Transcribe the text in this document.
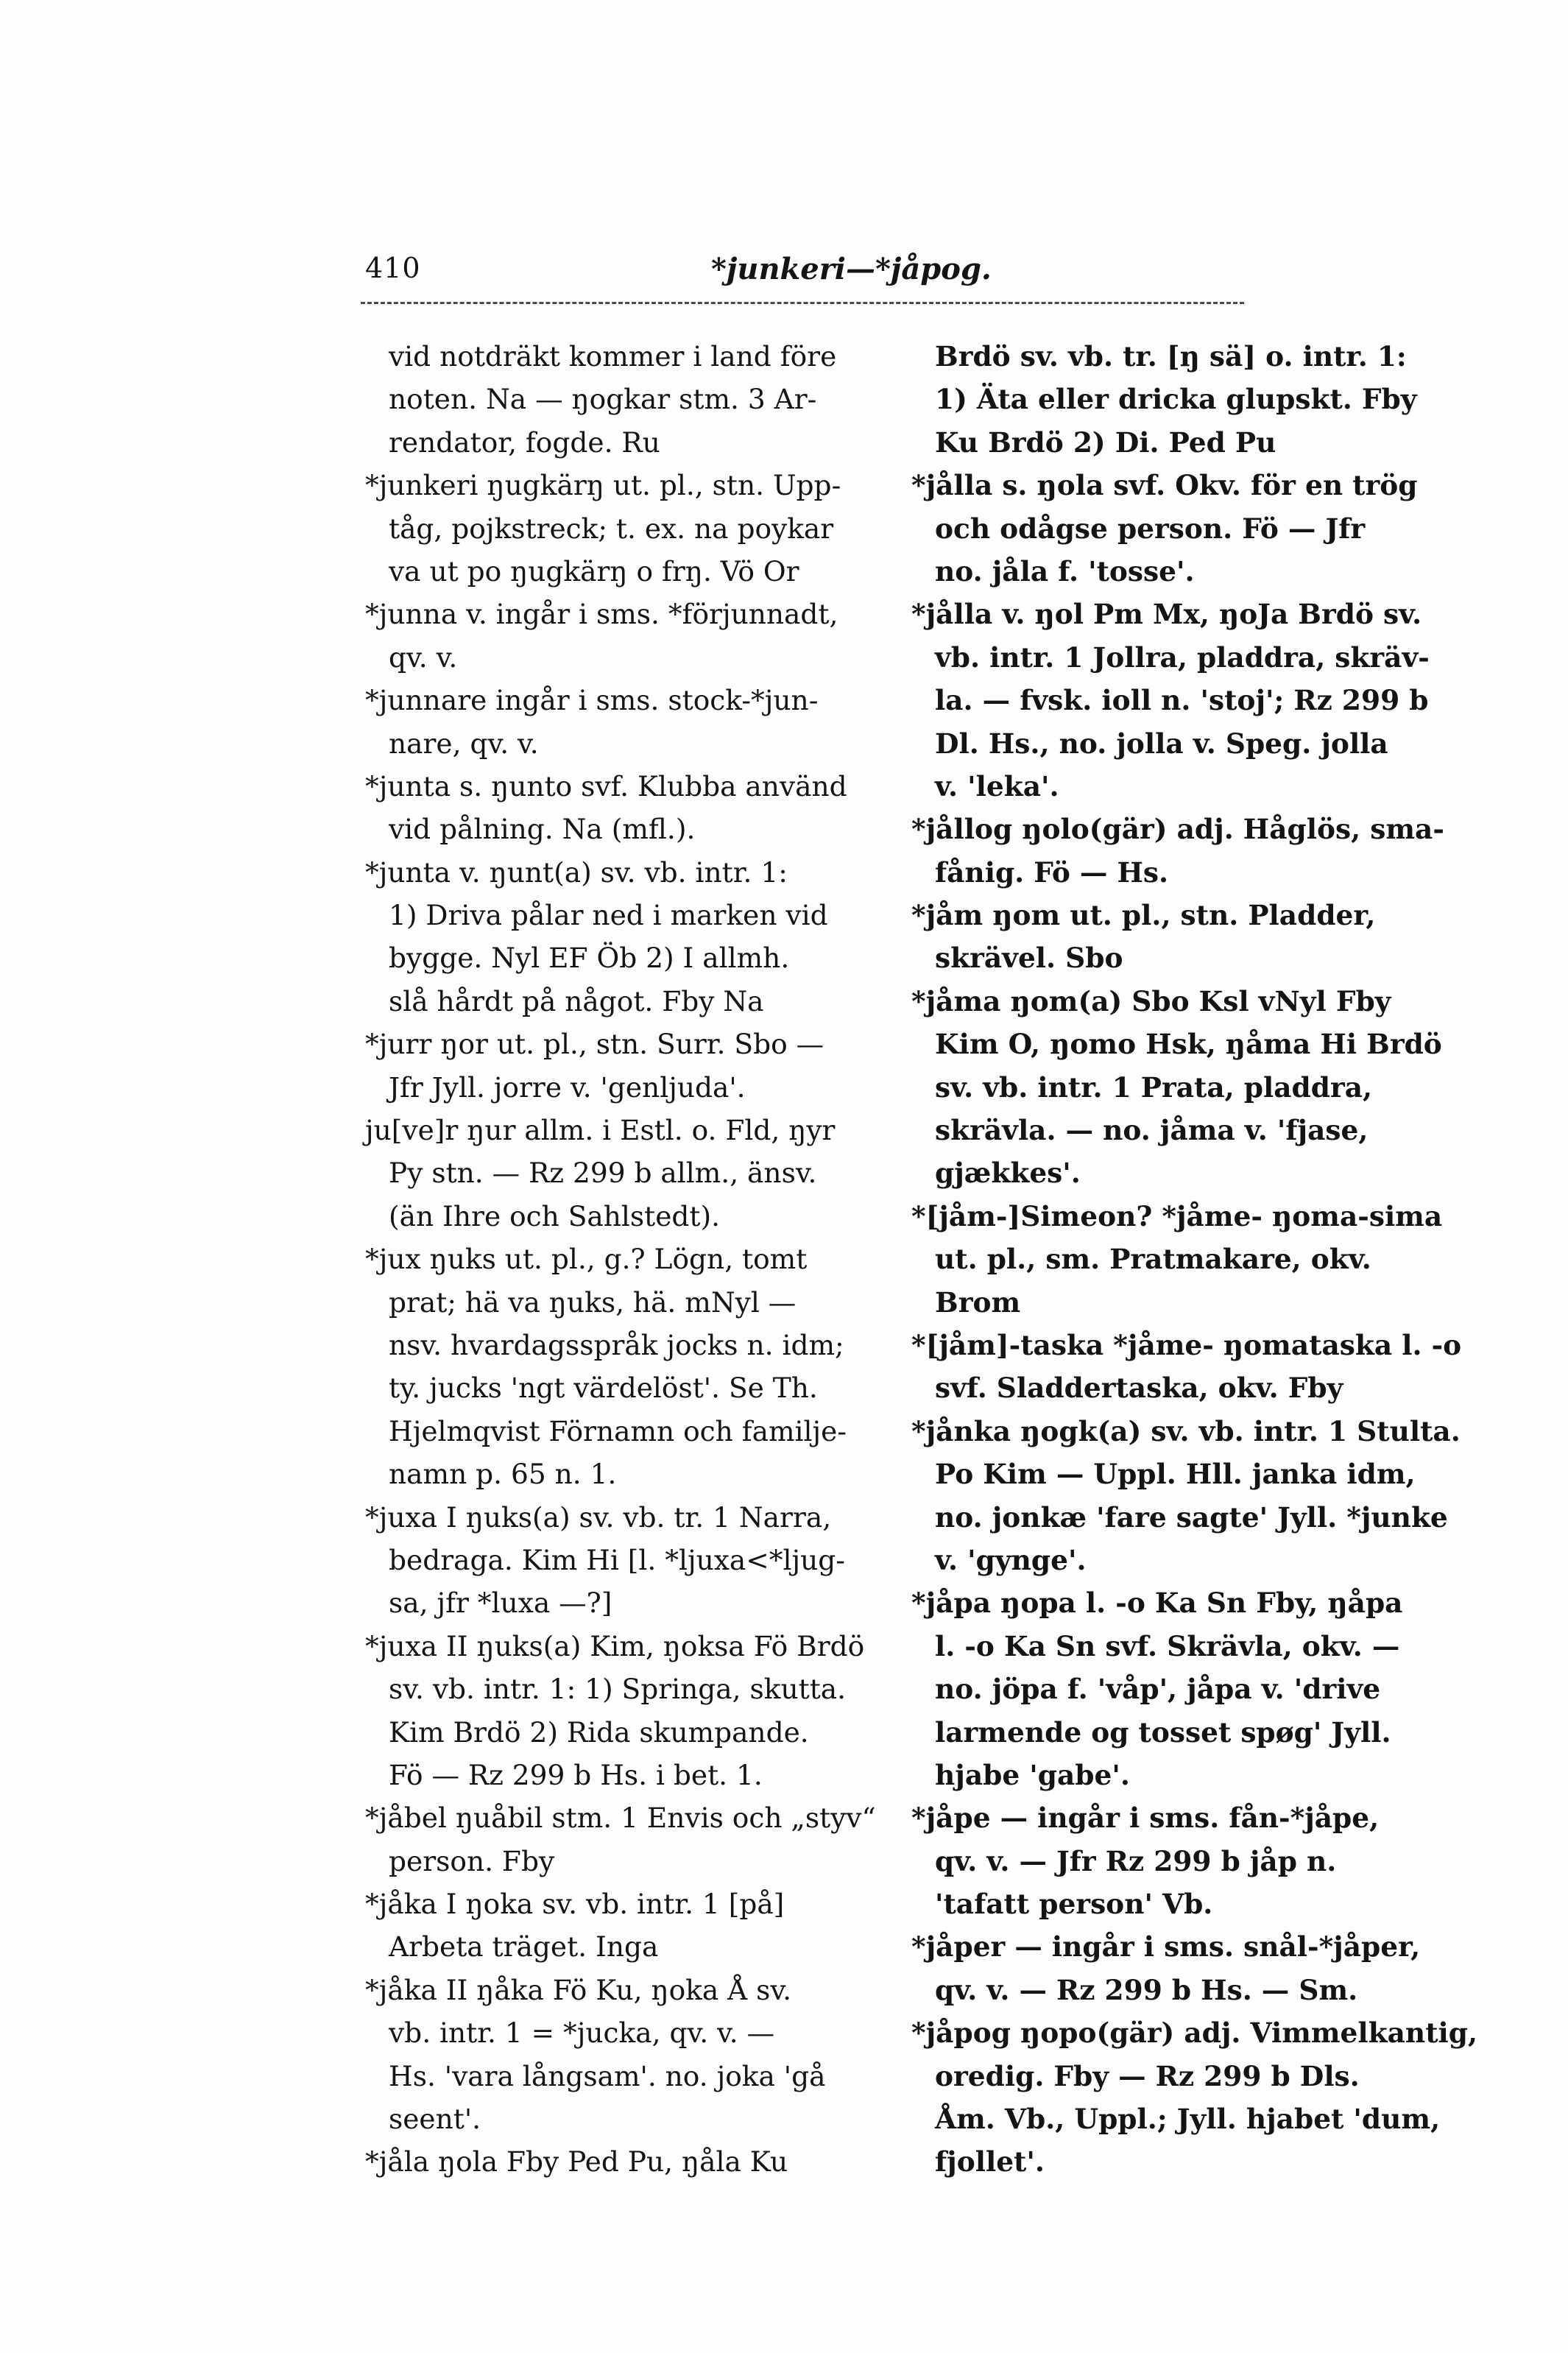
410	*junkeri—*jåpog.
vid notdräkt kommer i land före
noten. Na — ŋogkar stm. 3 Ar-
rendator, fogde. Ru
*junkeri ŋugkärŋ ut. pl., stn. Upp-
tåg, pojkstreck; t. ex. na poykar
va ut po ŋugkärŋ o frŋ. Vö Or
*junna v. ingår i sms. *förjunnadt,
qv. v.
*junnare ingår i sms. stock-*jun-
nare, qv. v.
*junta s. ŋunto svf. Klubba använd
vid pålning. Na (mfl.).
*junta v. ŋunt(a) sv. vb. intr. 1:
1) Driva pålar ned i marken vid
bygge. Nyl EF Öb 2) I allmh.
slå hårdt på något. Fby Na
*jurr ŋor ut. pl., stn. Surr. Sbo —
Jfr Jyll. jorre v. 'genljuda'.
ju[ve]r ŋur allm. i Estl. o. Fld, ŋyr
Py stn. — Rz 299 b allm., änsv.
(än Ihre och Sahlstedt).
*jux ŋuks ut. pl., g.? Lögn, tomt
prat; hä va ŋuks, hä. mNyl —
nsv. hvardagsspråk jocks n. idm;
ty. jucks 'ngt värdelöst'. Se Th.
Hjelmqvist Förnamn och familje-
namn p. 65 n. 1.
*juxa I ŋuks(a) sv. vb. tr. 1 Narra,
bedraga. Kim Hi [l. *ljuxa<*ljug-
sa, jfr *luxa —?]
*juxa II ŋuks(a) Kim, ŋoksa Fö Brdö
sv. vb. intr. 1: 1) Springa, skutta.
Kim Brdö 2) Rida skumpande.
Fö — Rz 299 b Hs. i bet. 1.
*jåbel ŋuåbil stm. 1 Envis och „styv“
person. Fby
*jåka I ŋoka sv. vb. intr. 1 [på]
Arbeta träget. Inga
*jåka II ŋåka Fö Ku, ŋoka Å sv.
vb. intr. 1 = *jucka, qv. v. —
Hs. 'vara långsam'. no. joka 'gå
seent'.
*jåla ŋola Fby Ped Pu, ŋåla Ku
Brdö sv. vb. tr. [ŋ sä] o. intr. 1:
1) Äta eller dricka glupskt. Fby
Ku Brdö 2) Di. Ped Pu
*jålla s. ŋola svf. Okv. för en trög
och odågse person. Fö — Jfr
no. jåla f. 'tosse'.
*jålla v. ŋol Pm Mx, ŋoJa Brdö sv.
vb. intr. 1 Jollra, pladdra, skräv-
la. — fvsk. ioll n. 'stoj'; Rz 299 b
Dl. Hs., no. jolla v. Speg. jolla
v. 'leka'.
*jållog ŋolo(gär) adj. Håglös, sma-
fånig. Fö — Hs.
*jåm ŋom ut. pl., stn. Pladder,
skrävel. Sbo
*jåma ŋom(a) Sbo Ksl vNyl Fby
Kim O, ŋomo Hsk, ŋåma Hi Brdö
sv. vb. intr. 1 Prata, pladdra,
skrävla. — no. jåma v. 'fjase,
gjækkes'.
*[jåm-]Simeon? *jåme- ŋoma-sima
ut. pl., sm. Pratmakare, okv.
Brom
*[jåm]-taska *jåme- ŋomataska l. -o
svf. Sladdertaska, okv. Fby
*jånka ŋogk(a) sv. vb. intr. 1 Stulta.
Po Kim — Uppl. Hll. janka idm,
no. jonkæ 'fare sagte' Jyll. *junke
v. 'gynge'.
*jåpa ŋopa l. -o Ka Sn Fby, ŋåpa
l. -o Ka Sn svf. Skrävla, okv. —
no. jöpa f. 'våp', jåpa v. 'drive
larmende og tosset spøg' Jyll.
hjabe 'gabe'.
*jåpe — ingår i sms. fån-*jåpe,
qv. v. — Jfr Rz 299 b jåp n.
'tafatt person' Vb.
*jåper — ingår i sms. snål-*jåper,
qv. v. — Rz 299 b Hs. — Sm.
*jåpog ŋopo(gär) adj. Vimmelkantig,
oredig. Fby — Rz 299 b Dls.
Åm. Vb., Uppl.; Jyll. hjabet 'dum,
fjollet'.
